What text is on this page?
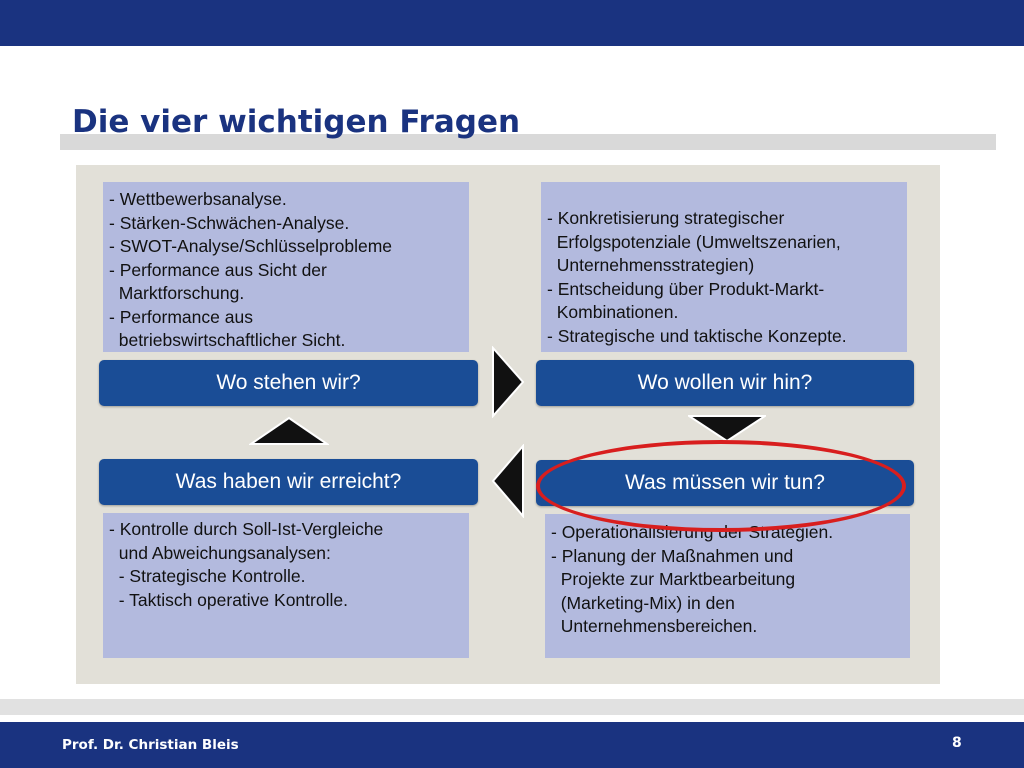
Die vier wichtigen Fragen
- Wettbewerbsanalyse.
- Stärken-Schwächen-Analyse.
- SWOT-Analyse/Schlüsselprobleme
- Performance aus Sicht der
Marktforschung.
- Performance aus
betriebswirtschaftlicher Sicht.
- Konkretisierung strategischer
Erfolgspotenziale (Umweltszenarien,
Unternehmensstrategien)
- Entscheidung über Produkt-Markt-
Kombinationen.
- Strategische und taktische Konzepte.
Wo stehen wir?	Wo wollen wir hin?
Was haben wir erreicht?	Was müssen wir tun?
- Kontrolle durch Soll-Ist-Vergleiche
und Abweichungsanalysen:
- Strategische Kontrolle.
- Taktisch operative Kontrolle.
- Operationalisierung der Strategien.
- Planung der Maßnahmen und
Projekte zur Marktbearbeitung
(Marketing-Mix) in den
Unternehmensbereichen.
Prof. Dr. Christian Bleis	8
